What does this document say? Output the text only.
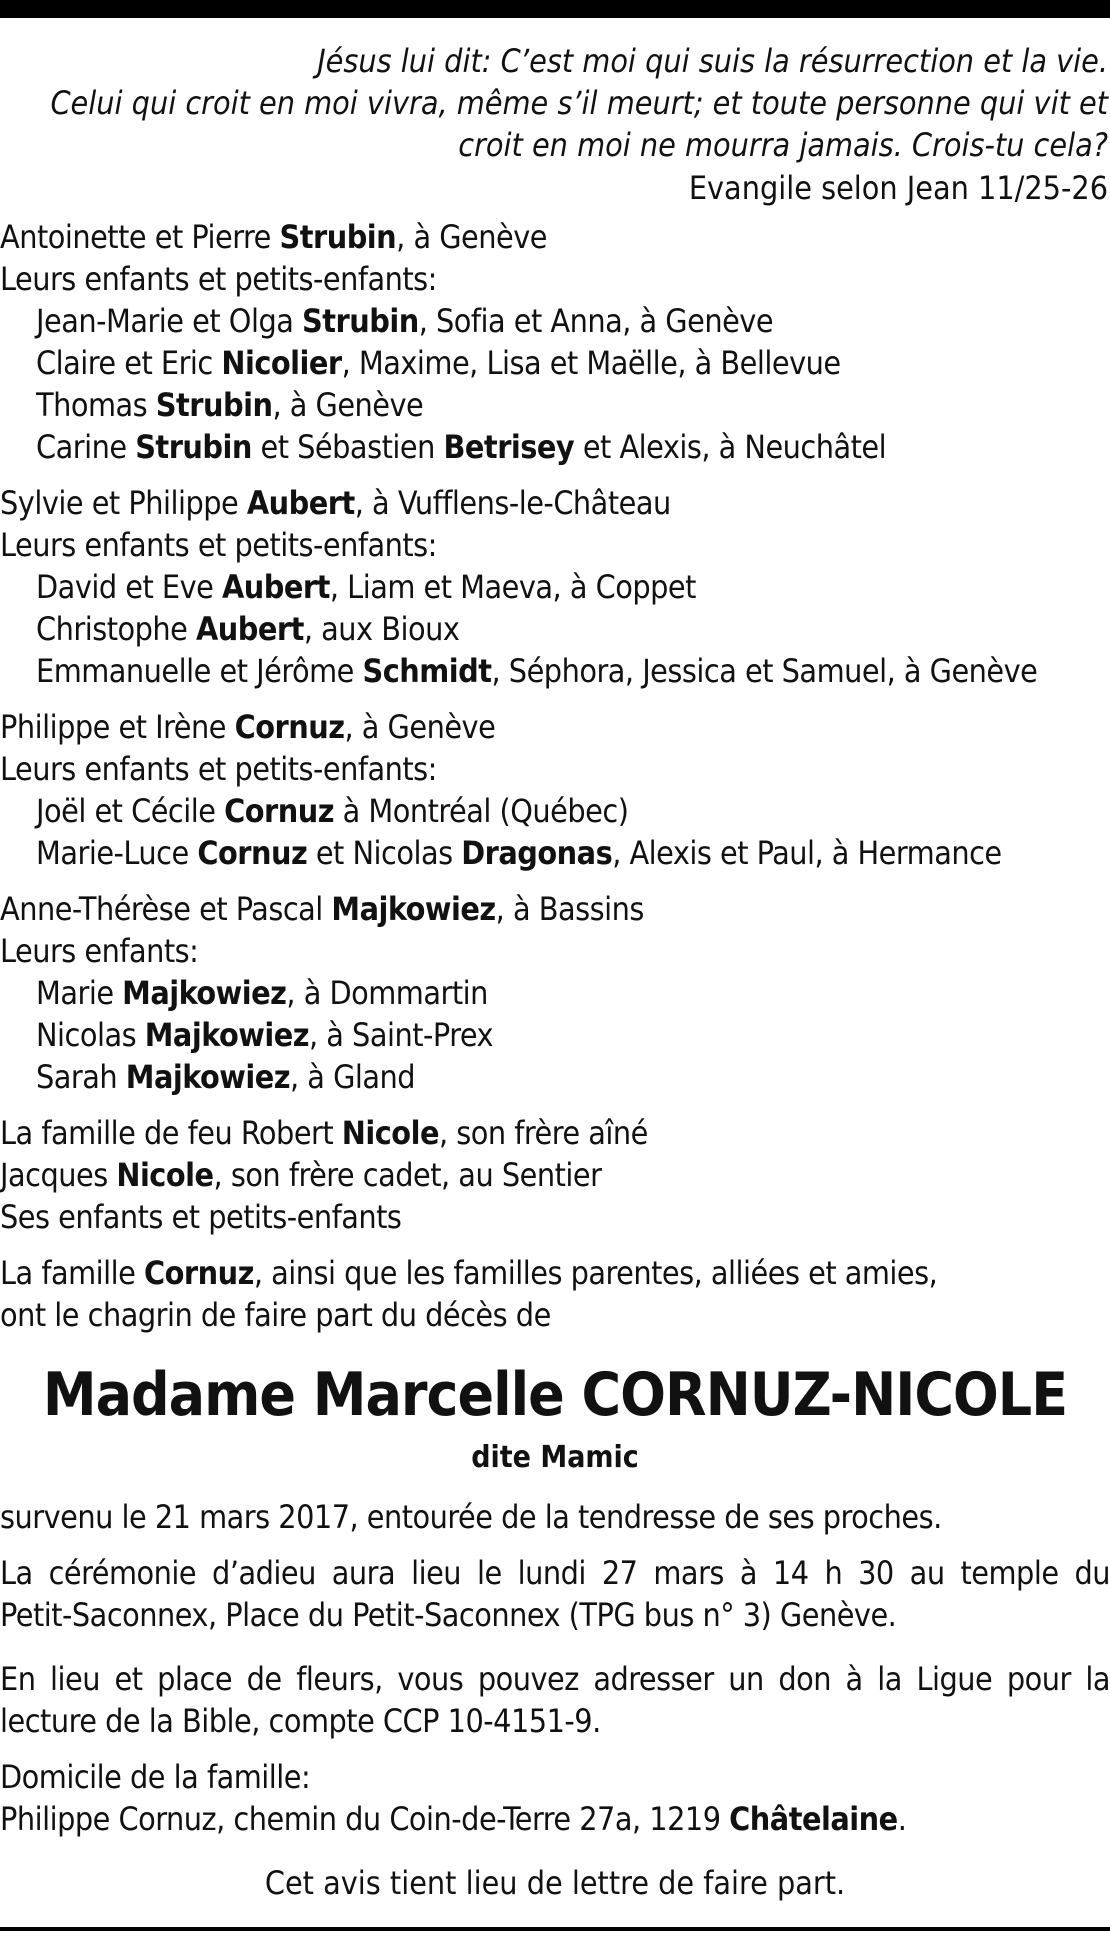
Jésus lui dit: C’est moi qui suis la résurrection et la vie.
Celui qui croit en moi vivra, même s’il meurt; et toute personne qui vit et
croit en moi ne mourra jamais. Crois-tu cela?
Evangile selon Jean 11/25-26
Antoinette et Pierre Strubin, à Genève
Leurs enfants et petits-enfants:
Jean-Marie et Olga Strubin, Sofia et Anna, à Genève
Claire et Eric Nicolier, Maxime, Lisa et Maëlle, à Bellevue
Thomas Strubin, à Genève
Carine Strubin et Sébastien Betrisey et Alexis, à Neuchâtel
Sylvie et Philippe Aubert, à Vufflens-le-Château
Leurs enfants et petits-enfants:
David et Eve Aubert, Liam et Maeva, à Coppet
Christophe Aubert, aux Bioux
Emmanuelle et Jérôme Schmidt, Séphora, Jessica et Samuel, à Genève
Philippe et Irène Cornuz, à Genève
Leurs enfants et petits-enfants:
Joël et Cécile Cornuz à Montréal (Québec)
Marie-Luce Cornuz et Nicolas Dragonas, Alexis et Paul, à Hermance
Anne-Thérèse et Pascal Majkowiez, à Bassins
Leurs enfants:
Marie Majkowiez, à Dommartin
Nicolas Majkowiez, à Saint-Prex
Sarah Majkowiez, à Gland
La famille de feu Robert Nicole, son frère aîné
Jacques Nicole, son frère cadet, au Sentier
Ses enfants et petits-enfants
La famille Cornuz, ainsi que les familles parentes, alliées et amies,
ont le chagrin de faire part du décès de
Madame Marcelle CORNUZ-NICOLE
dite Mamic
survenu le 21 mars 2017, entourée de la tendresse de ses proches.
La cérémonie d’adieu aura lieu le lundi 27 mars à 14 h 30 au temple du
Petit-Saconnex, Place du Petit-Saconnex (TPG bus n° 3) Genève.
En lieu et place de fleurs, vous pouvez adresser un don à la Ligue pour la
lecture de la Bible, compte CCP 10-4151-9.
Domicile de la famille:
Philippe Cornuz, chemin du Coin-de-Terre 27a, 1219 Châtelaine.
Cet avis tient lieu de lettre de faire part.
